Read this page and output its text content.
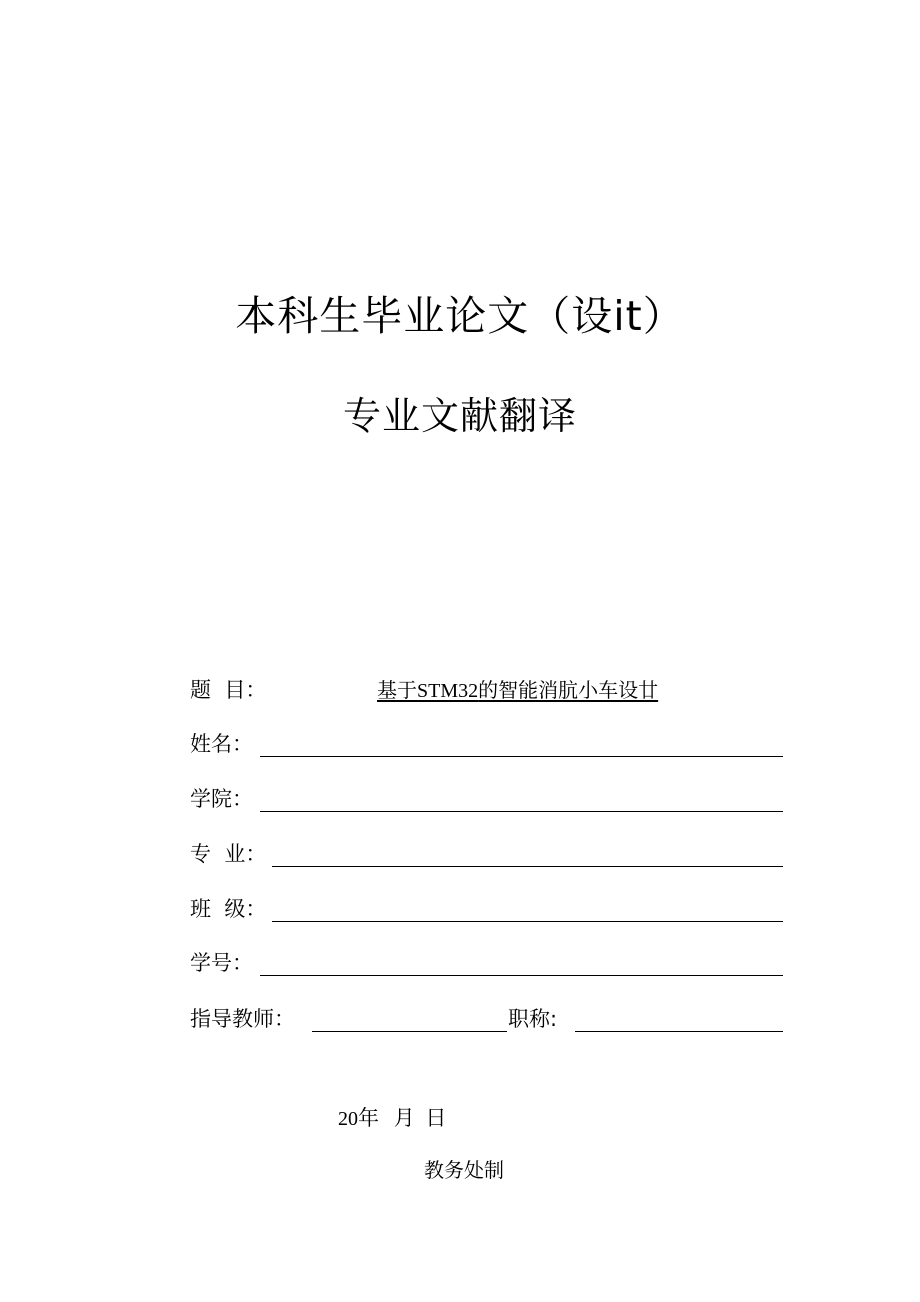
本科生毕业论文（设it）
专业文献翻译
题  目：	基于STM32的智能消肮小车设廿
姓名：
学院：
专  业：
班  级：
学号：
指导教师：	职称:
20年 月 日
教务处制
